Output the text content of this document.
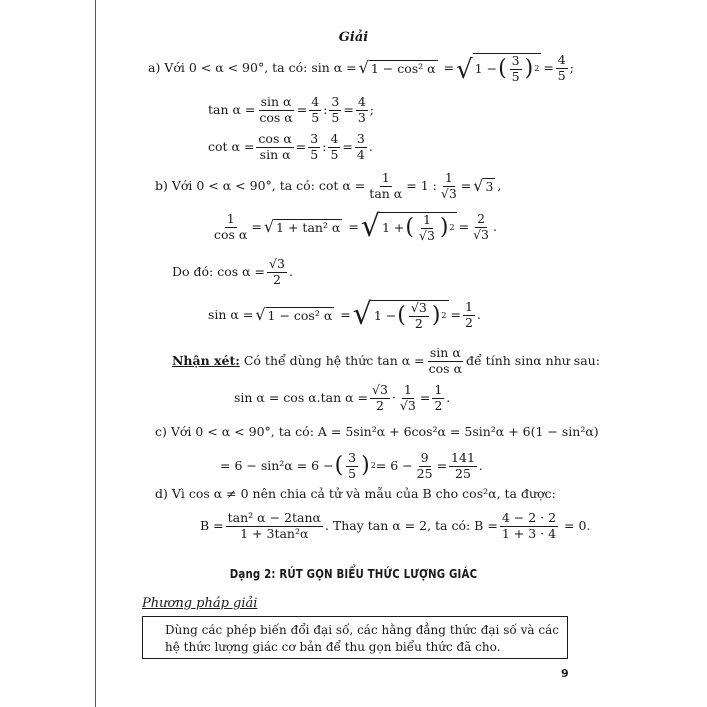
Giải
a) Với 0 < α < 90°, ta có: sin α = √ 1 − cos² α = √ 1 − ( $\frac{3}{5}$ ) $2 = \frac{4}{5}$ ;
$\tan \alpha = \frac{\text{sin α}}{\text{cos α}} = \frac{4}{5}$ : $\frac{3}{5} = \frac{4}{3}$ ;
$\cot \alpha = \frac{\text{cos α}}{\text{sin α}} = \frac{3}{5}$ : $\frac{4}{5} = \frac{3}{4}$ .
b) Với 0 < α < 90°, ta có: $\cot \alpha = \frac{1}{\text{tan α}} = 1$ : $\frac{1}{√3}$ = √ 3 ,
$\frac{1}{\text{cos α}}$ = √ 1 + tan² α = √ 1 + ( $\frac{1}{√3}$ ) $2 = \frac{2}{√3}$ .
Do đó: $\cos \alpha = \frac{√3}{2}$ .
sin α = √ 1 − cos² α = √ 1 − ( $\frac{√3}{2}$ ) $2 = \frac{1}{2}$ .
Nhận xét: Có thể dùng hệ thức $\tan \alpha = \frac{\text{sin α}}{\text{cos α}}$ để tính sinα như sau:
sin α = cos α.tan $\alpha = \frac{√3}{2} \cdot \frac{1}{√3} = \frac{1}{2}$ .
c) Với 0 < α < 90°, ta có: A = 5sin²α + 6cos²α = 5sin²α + 6(1 − sin²α)
= 6 − sin²α = 6 − ( $\frac{3}{5}$ ) $2 = 6 - \frac{9}{25} = \frac{141}{25}$ .
d) Vì cos α ≠ 0 nên chia cả tử và mẫu của B cho cos²α, ta được:
$B = \frac{\text{tan² α − 2tanα}}{\text{1 + 3tan²α}}$ . Thay tan α = 2, ta có: $B = \frac{4 - 2 \cdot 2}{1 + 3 \cdot 4} = 0$.
Dạng 2: RÚT GỌN BIỂU THỨC LƯỢNG GIÁC
Phương pháp giải
Dùng các phép biến đổi đại số, các hằng đẳng thức đại số và các hệ thức lượng giác cơ bản để thu gọn biểu thức đã cho.
9
